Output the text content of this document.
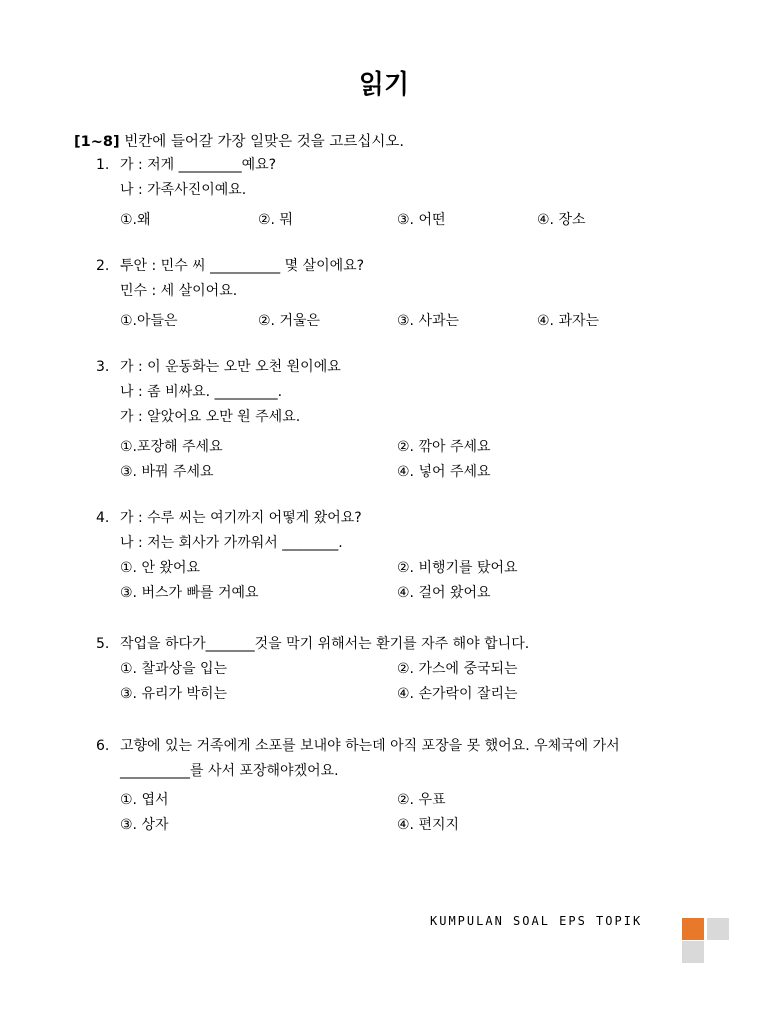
읽기
[1~8] 빈칸에 들어갈 가장 일맞은 것을 고르십시오.
1. 가 : 저게 _________예요?
나 : 가족사진이예요.
①.왜	②. 뭐	③. 어떤	④. 장소
2. 투안 : 민수 씨 __________ 몇 살이에요?
민수 : 세 살이어요.
①.아들은	②. 거울은	③. 사과는	④. 과자는
3. 가 : 이 운동화는 오만 오천 원이에요
나 : 좀 비싸요. _________.
가 : 알았어요 오만 원 주세요.
①.포장해 주세요	②. 깎아 주세요
③. 바꿔 주세요	④. 넣어 주세요
4. 가 : 수루 씨는 여기까지 어떻게 왔어요?
나 : 저는 회사가 가까워서 ________.
①. 안 왔어요	②. 비행기를 탔어요
③. 버스가 빠를 거예요	④. 걸어 왔어요
5. 작업을 하다가_______것을 막기 위해서는 환기를 자주 해야 합니다.
①. 찰과상을 입는	②. 가스에 중국되는
③. 유리가 박히는	④. 손가락이 잘리는
6. 고향에 있는 거족에게 소포를 보내야 하는데 아직 포장을 못 했어요. 우체국에 가서
__________를 사서 포장해야겠어요.
①. 엽서	②. 우표
③. 상자	④. 편지지
KUMPULAN SOAL EPS TOPIK
